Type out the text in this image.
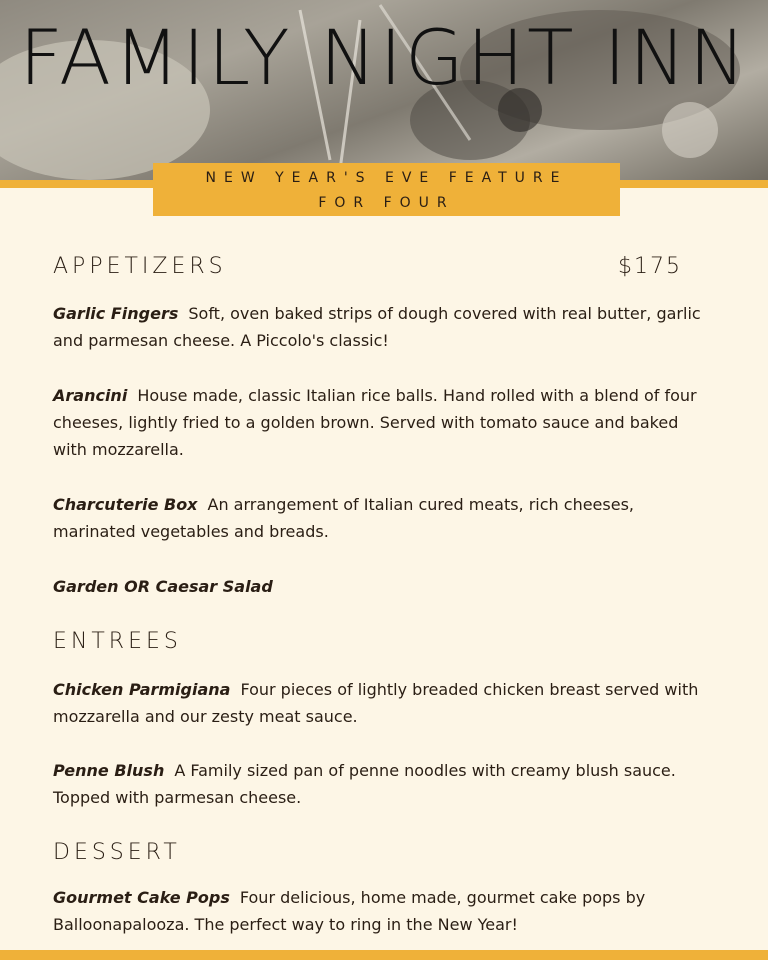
FAMILY NIGHT INN
NEW YEAR'S EVE FEATURE
FOR FOUR
APPETIZERS	$175
Garlic Fingers Soft, oven baked strips of dough covered with real butter, garlic and parmesan cheese. A Piccolo's classic!
Arancini House made, classic Italian rice balls. Hand rolled with a blend of four cheeses, lightly fried to a golden brown. Served with tomato sauce and baked with mozzarella.
Charcuterie Box An arrangement of Italian cured meats, rich cheeses, marinated vegetables and breads.
Garden OR Caesar Salad
ENTREES
Chicken Parmigiana Four pieces of lightly breaded chicken breast served with mozzarella and our zesty meat sauce.
Penne Blush A Family sized pan of penne noodles with creamy blush sauce. Topped with parmesan cheese.
DESSERT
Gourmet Cake Pops Four delicious, home made, gourmet cake pops by Balloonapalooza. The perfect way to ring in the New Year!
